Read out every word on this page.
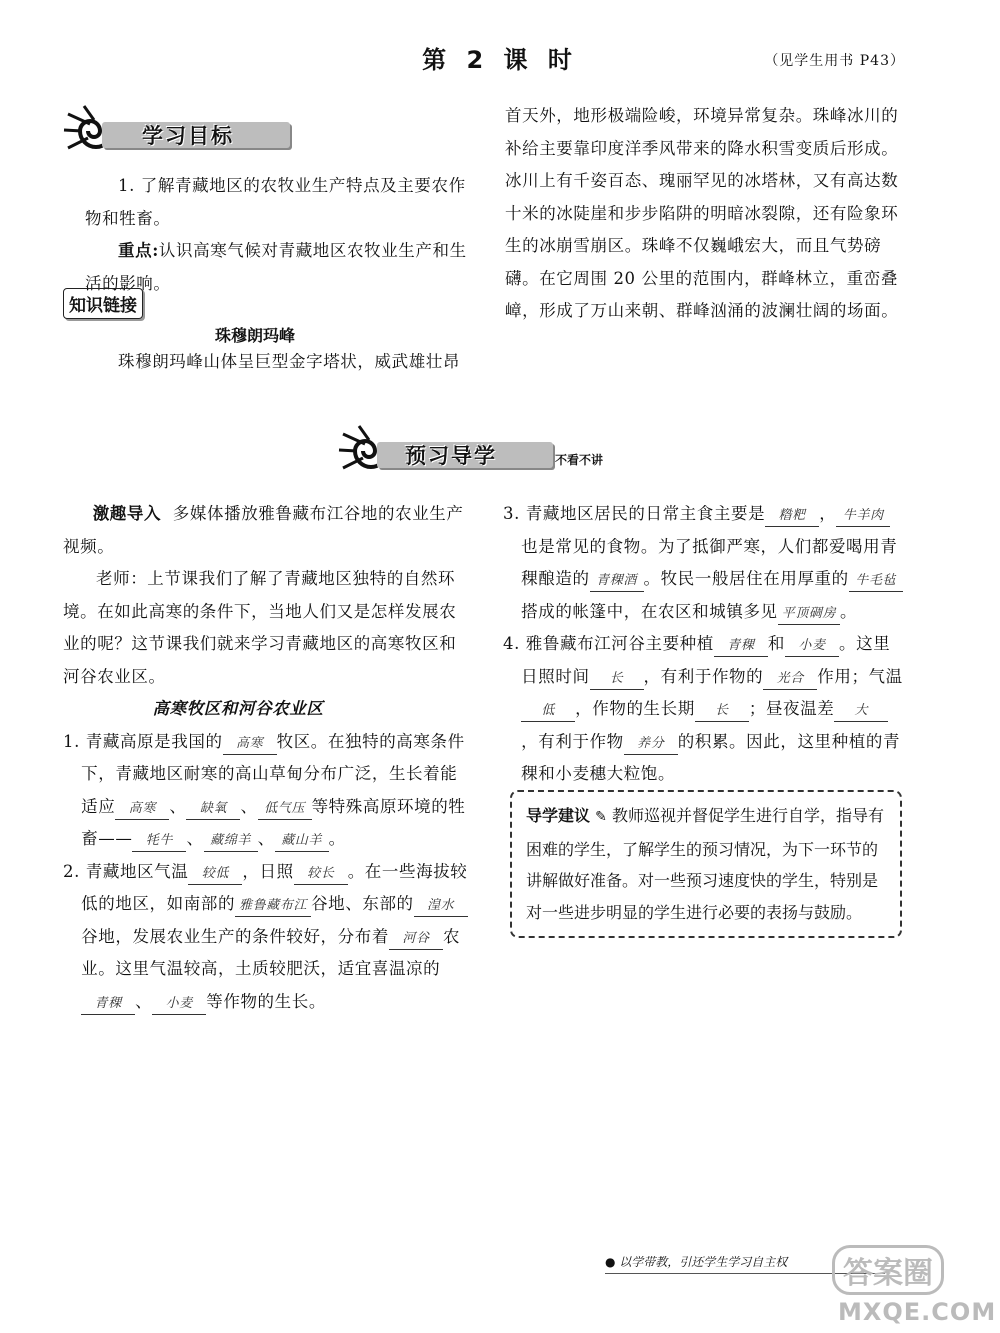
第 2 课 时	（见学生用书 P43）
学习目标

1. 了解青藏地区的农牧业生产特点及主要农作物和牲畜。

重点:认识高寒气候对青藏地区农牧业生产和生活的影响。

知识链接
珠穆朗玛峰

珠穆朗玛峰山体呈巨型金字塔状，威武雄壮昂

首天外，地形极端险峻，环境异常复杂。珠峰冰川的补给主要靠印度洋季风带来的降水积雪变质后形成。冰川上有千姿百态、瑰丽罕见的冰塔林，又有高达数十米的冰陡崖和步步陷阱的明暗冰裂隙，还有险象环生的冰崩雪崩区。珠峰不仅巍峨宏大，而且气势磅礴。在它周围 20 公里的范围内，群峰林立，重峦叠嶂，形成了万山来朝、群峰汹涌的波澜壮阔的场面。

预习导学	不看不讲

激趣导入 多媒体播放雅鲁藏布江谷地的农业生产视频。

老师：上节课我们了解了青藏地区独特的自然环境。在如此高寒的条件下，当地人们又是怎样发展农业的呢？这节课我们就来学习青藏地区的高寒牧区和河谷农业区。

高寒牧区和河谷农业区

1. 青藏高原是我国的 高寒 牧区。在独特的高寒条件下，青藏地区耐寒的高山草甸分布广泛，生长着能适应 高寒 、 缺氧 、 低气压 等特殊高原环境的牲畜—— 牦牛 、 藏绵羊 、 藏山羊 。

2. 青藏地区气温 较低 ，日照 较长 。在一些海拔较低的地区，如南部的 雅鲁藏布江 谷地、东部的 湟水谷地，发展农业生产的条件较好，分布着 河谷 农业。这里气温较高，土质较肥沃，适宜喜温凉的青稞 、 小麦 等作物的生长。

3. 青藏地区居民的日常主食主要是 糌粑 ， 牛羊肉也是常见的食物。为了抵御严寒，人们都爱喝用青稞酿造的 青稞酒 。牧民一般居住在用厚重的 牛毛毡搭成的帐篷中，在农区和城镇多见 平顶碉房 。

4. 雅鲁藏布江河谷主要种植 青稞 和 小麦 。这里日照时间 长 ，有利于作物的 光合 作用；气温低 ，作物的生长期 长 ；昼夜温差 大，有利于作物 养分 的积累。因此，这里种植的青稞和小麦穗大粒饱。

导学建议 ✎ 教师巡视并督促学生进行自学，指导有困难的学生，了解学生的预习情况，为下一环节的讲解做好准备。对一些预习速度快的学生，特别是对一些进步明显的学生进行必要的表扬与鼓励。
● 以学带教，引还学生学习自主权	答案圈
MXQE.COM
